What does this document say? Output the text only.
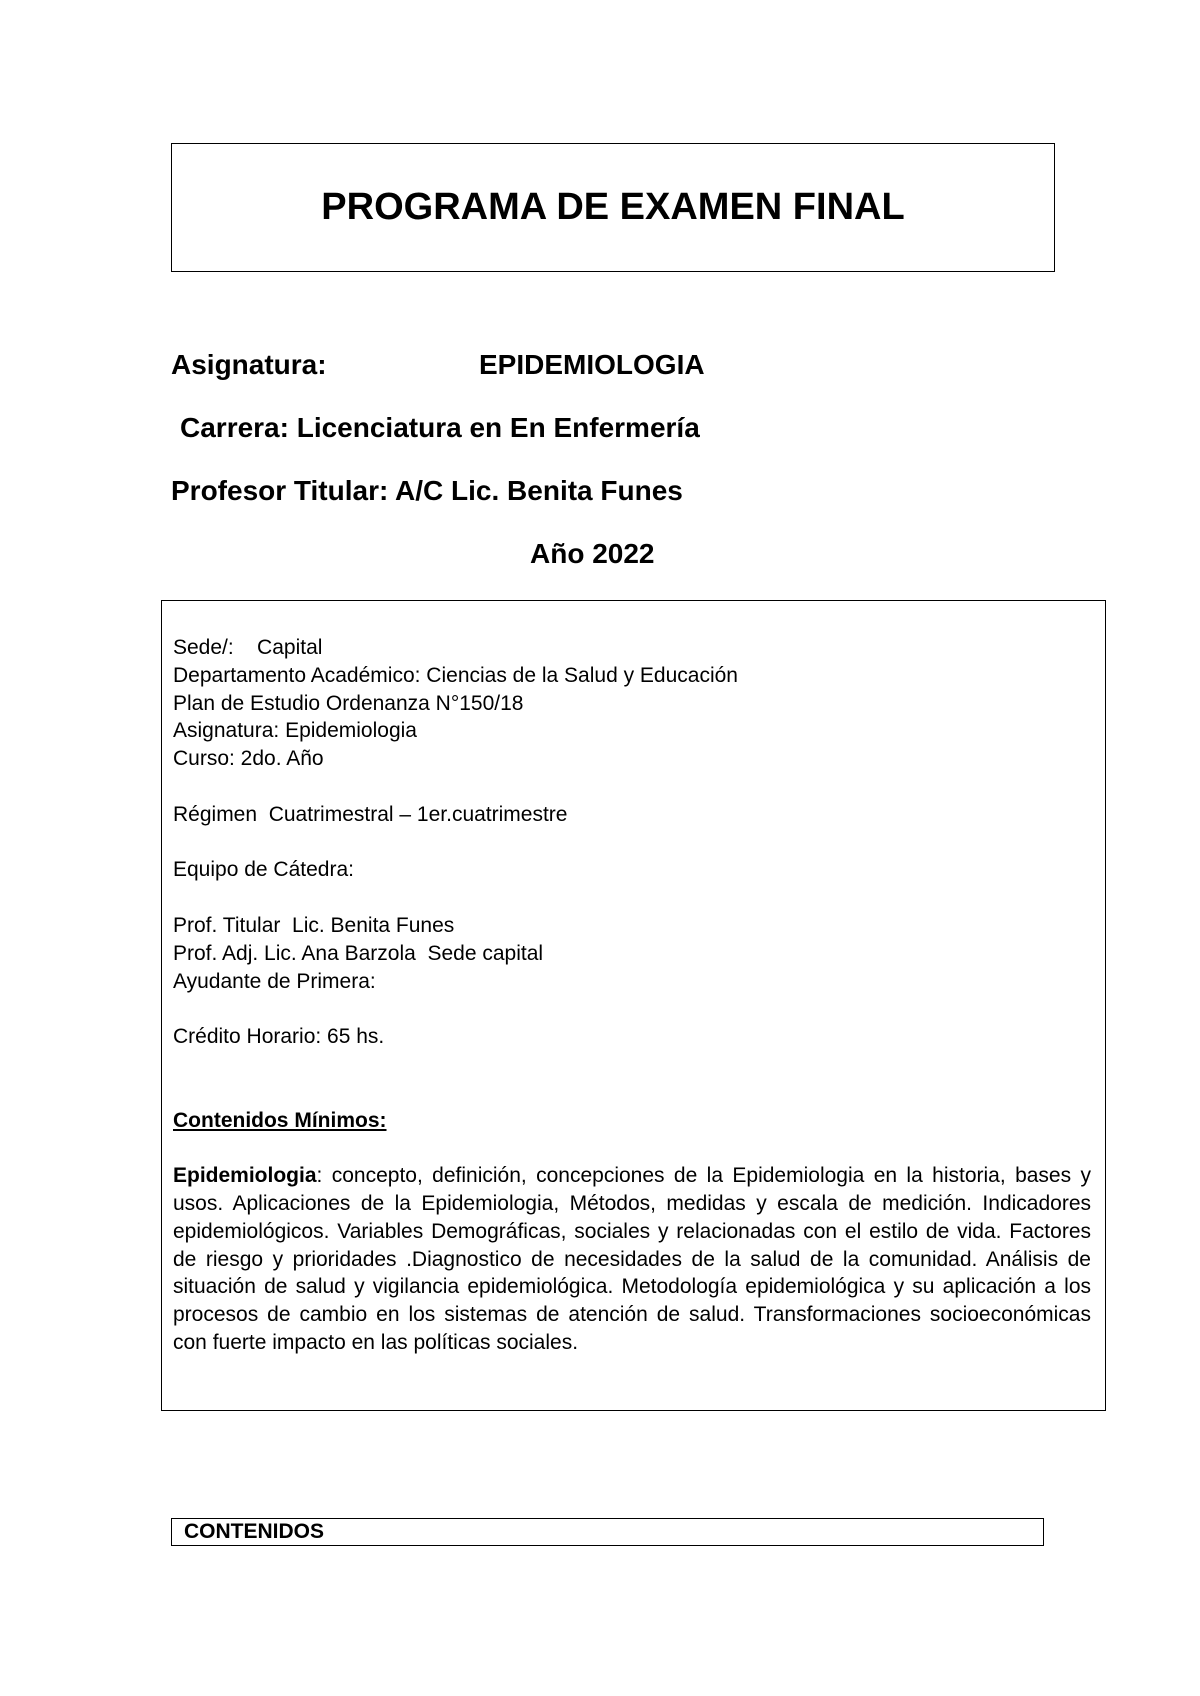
PROGRAMA DE EXAMEN FINAL

Asignatura:	EPIDEMIOLOGIA

Carrera: Licenciatura en En Enfermería

Profesor Titular: A/C Lic. Benita Funes

Año 2022

Sede/:    Capital
Departamento Académico: Ciencias de la Salud y Educación
Plan de Estudio Ordenanza N°150/18
Asignatura: Epidemiologia
Curso: 2do. Año
Régimen  Cuatrimestral – 1er.cuatrimestre
Equipo de Cátedra:
Prof. Titular  Lic. Benita Funes
Prof. Adj. Lic. Ana Barzola  Sede capital
Ayudante de Primera:
Crédito Horario: 65 hs.
Contenidos Mínimos:

Epidemiologia: concepto, definición, concepciones de la Epidemiologia en la historia, bases y usos. Aplicaciones de la Epidemiologia, Métodos, medidas y escala de medición. Indicadores epidemiológicos. Variables Demográficas, sociales y relacionadas con el estilo de vida. Factores de riesgo y prioridades .Diagnostico de necesidades de la salud de la comunidad. Análisis de situación de salud y vigilancia epidemiológica. Metodología epidemiológica y su aplicación a los procesos de cambio en los sistemas de atención de salud. Transformaciones socioeconómicas con fuerte impacto en las políticas sociales.

CONTENIDOS
